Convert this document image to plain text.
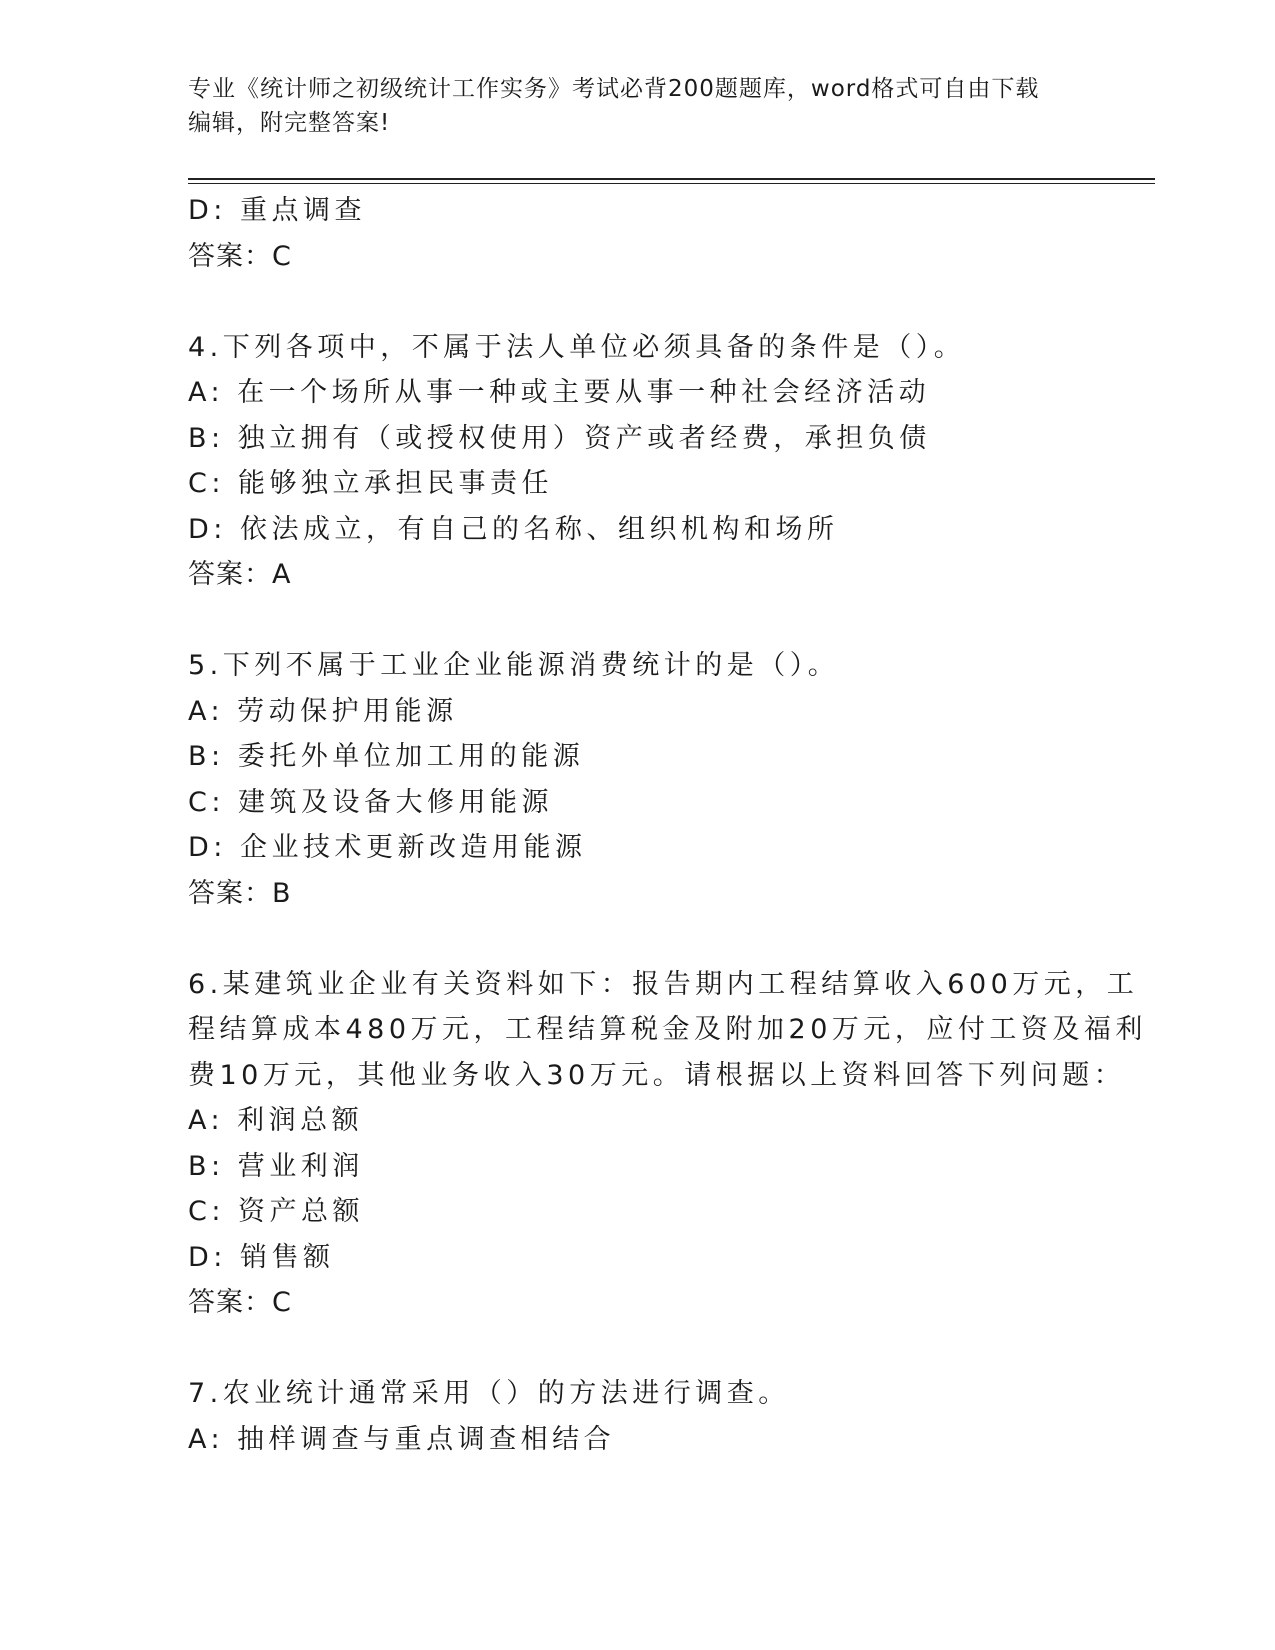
专业《统计师之初级统计工作实务》考试必背200题题库，word格式可自由下载
编辑，附完整答案!
D: 重点调查
答案：C
4.下列各项中，不属于法人单位必须具备的条件是（）。
A: 在一个场所从事一种或主要从事一种社会经济活动
B: 独立拥有（或授权使用）资产或者经费，承担负债
C: 能够独立承担民事责任
D: 依法成立，有自己的名称、组织机构和场所
答案：A
5.下列不属于工业企业能源消费统计的是（）。
A: 劳动保护用能源
B: 委托外单位加工用的能源
C: 建筑及设备大修用能源
D: 企业技术更新改造用能源
答案：B
6.某建筑业企业有关资料如下：报告期内工程结算收入600万元，工
程结算成本480万元，工程结算税金及附加20万元，应付工资及福利
费10万元，其他业务收入30万元。请根据以上资料回答下列问题：
A: 利润总额
B: 营业利润
C: 资产总额
D: 销售额
答案：C
7.农业统计通常采用（）的方法进行调查。
A: 抽样调查与重点调查相结合
